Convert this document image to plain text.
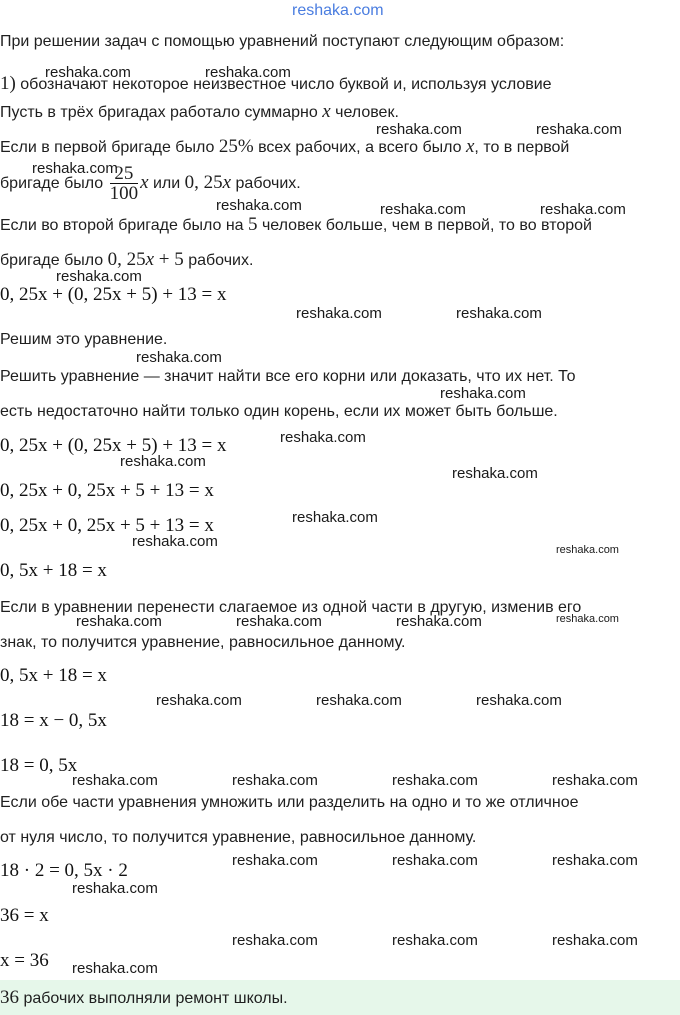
reshaka.com
При решении задач с помощью уравнений поступают следующим образом:
1) обозначают некоторое неизвестное число буквой и, используя условие
Пусть в трёх бригадах работало суммарно x человек.
Если в первой бригаде было 25% всех рабочих, а всего было x, то в первой
бригаде было $\frac{25}{100}$ x или 0, 25x рабочих.
Если во второй бригаде было на 5 человек больше, чем в первой, то во второй
бригаде было 0, 25x + 5 рабочих.
0, 25x + (0, 25x + 5) + 13 = x
Решим это уравнение.
Решить уравнение — значит найти все его корни или доказать, что их нет. То
есть недостаточно найти только один корень, если их может быть больше.
0, 25x + (0, 25x + 5) + 13 = x
0, 25x + 0, 25x + 5 + 13 = x
0, 25x + 0, 25x + 5 + 13 = x
0, 5x + 18 = x
Если в уравнении перенести слагаемое из одной части в другую, изменив его
знак, то получится уравнение, равносильное данному.
0, 5x + 18 = x
18 = x − 0, 5x
18 = 0, 5x
Если обе части уравнения умножить или разделить на одно и то же отличное
от нуля число, то получится уравнение, равносильное данному.
18 · 2 = 0, 5x · 2
36 = x
x = 36
36 рабочих выполняли ремонт школы.
reshaka.com	reshaka.com
reshaka.com	reshaka.com
reshaka.com
reshaka.com	reshaka.com	reshaka.com
reshaka.com
reshaka.com	reshaka.com
reshaka.com
reshaka.com
reshaka.com
reshaka.com
reshaka.com
reshaka.com
reshaka.com	reshaka.com
reshaka.com	reshaka.com	reshaka.com	reshaka.com
reshaka.com	reshaka.com	reshaka.com
reshaka.com	reshaka.com	reshaka.com	reshaka.com
reshaka.com	reshaka.com	reshaka.com
reshaka.com
reshaka.com	reshaka.com	reshaka.com
reshaka.com
